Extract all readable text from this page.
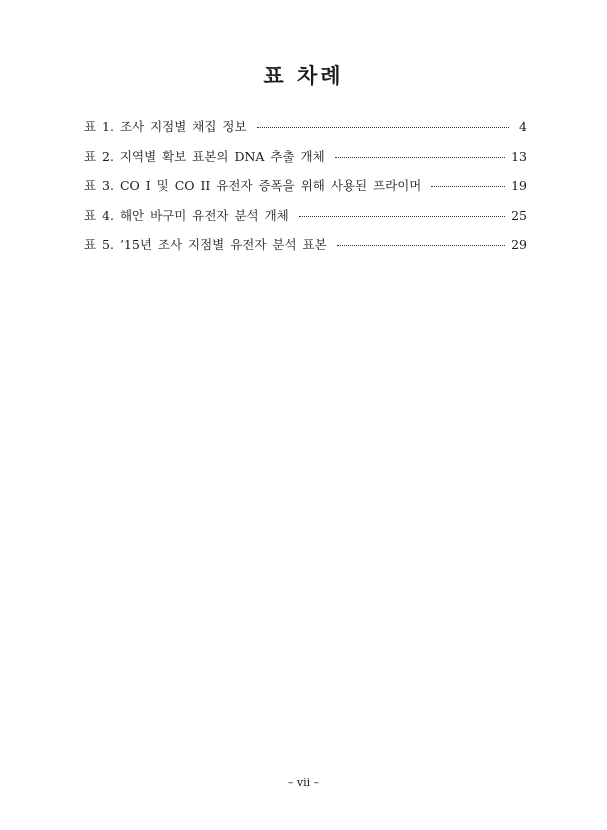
표 차례
표 1. 조사 지점별 채집 정보	4
표 2. 지역별 확보 표본의 DNA 추출 개체	13
표 3. CO I 및 CO II 유전자 증폭을 위해 사용된 프라이머	19
표 4. 해안 바구미 유전자 분석 개체	25
표 5. ’15년 조사 지점별 유전자 분석 표본	29

– vii –
